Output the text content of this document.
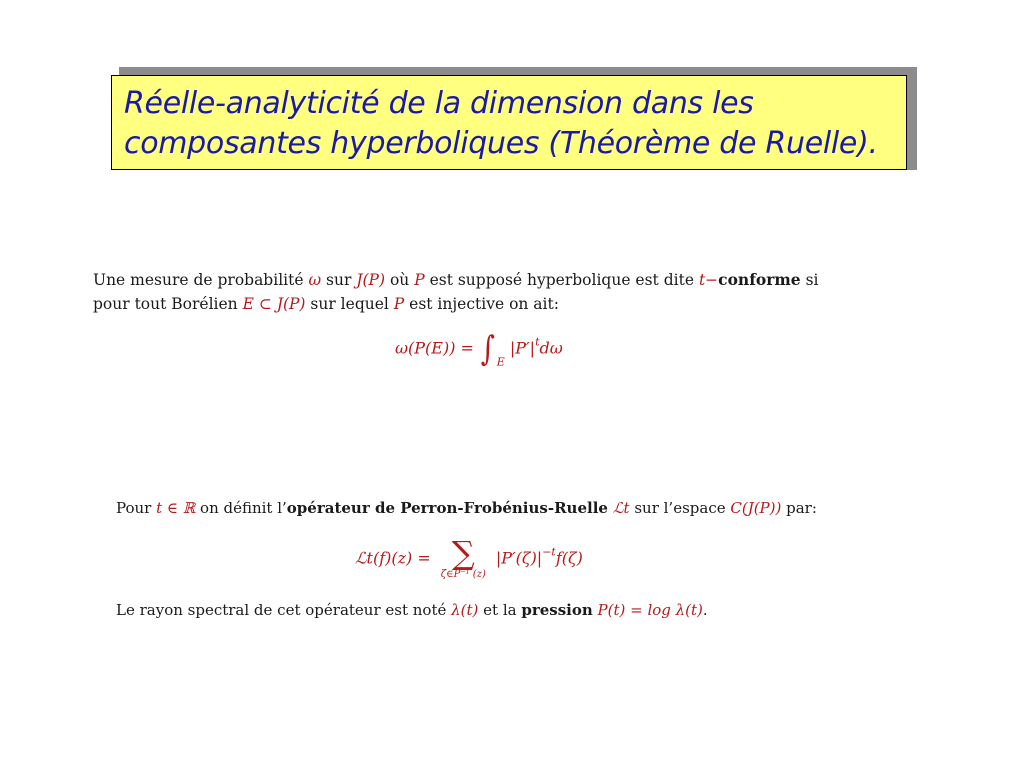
Réelle-analyticité de la dimension dans les

composantes hyperboliques (Théorème de Ruelle).

Une mesure de probabilité ω sur J(P) où P est supposé hyperbolique est dite t−conforme si
pour tout Borélien E ⊂ J(P) sur lequel P est injective on ait:
ω(P(E)) = ∫ $_E$ $|P'|^td\omega$
Pour t ∈ ℝ on définit l’opérateur de Perron-Frobénius-Ruelle ℒt sur l’espace C(J(P)) par:
ℒt(f)(z) = ∑
ζ∈P⁻¹ (z)
$|P'(\zeta)|^{-t}f(\zeta)$
Le rayon spectral de cet opérateur est noté λ(t) et la pression P(t) = log λ(t).
